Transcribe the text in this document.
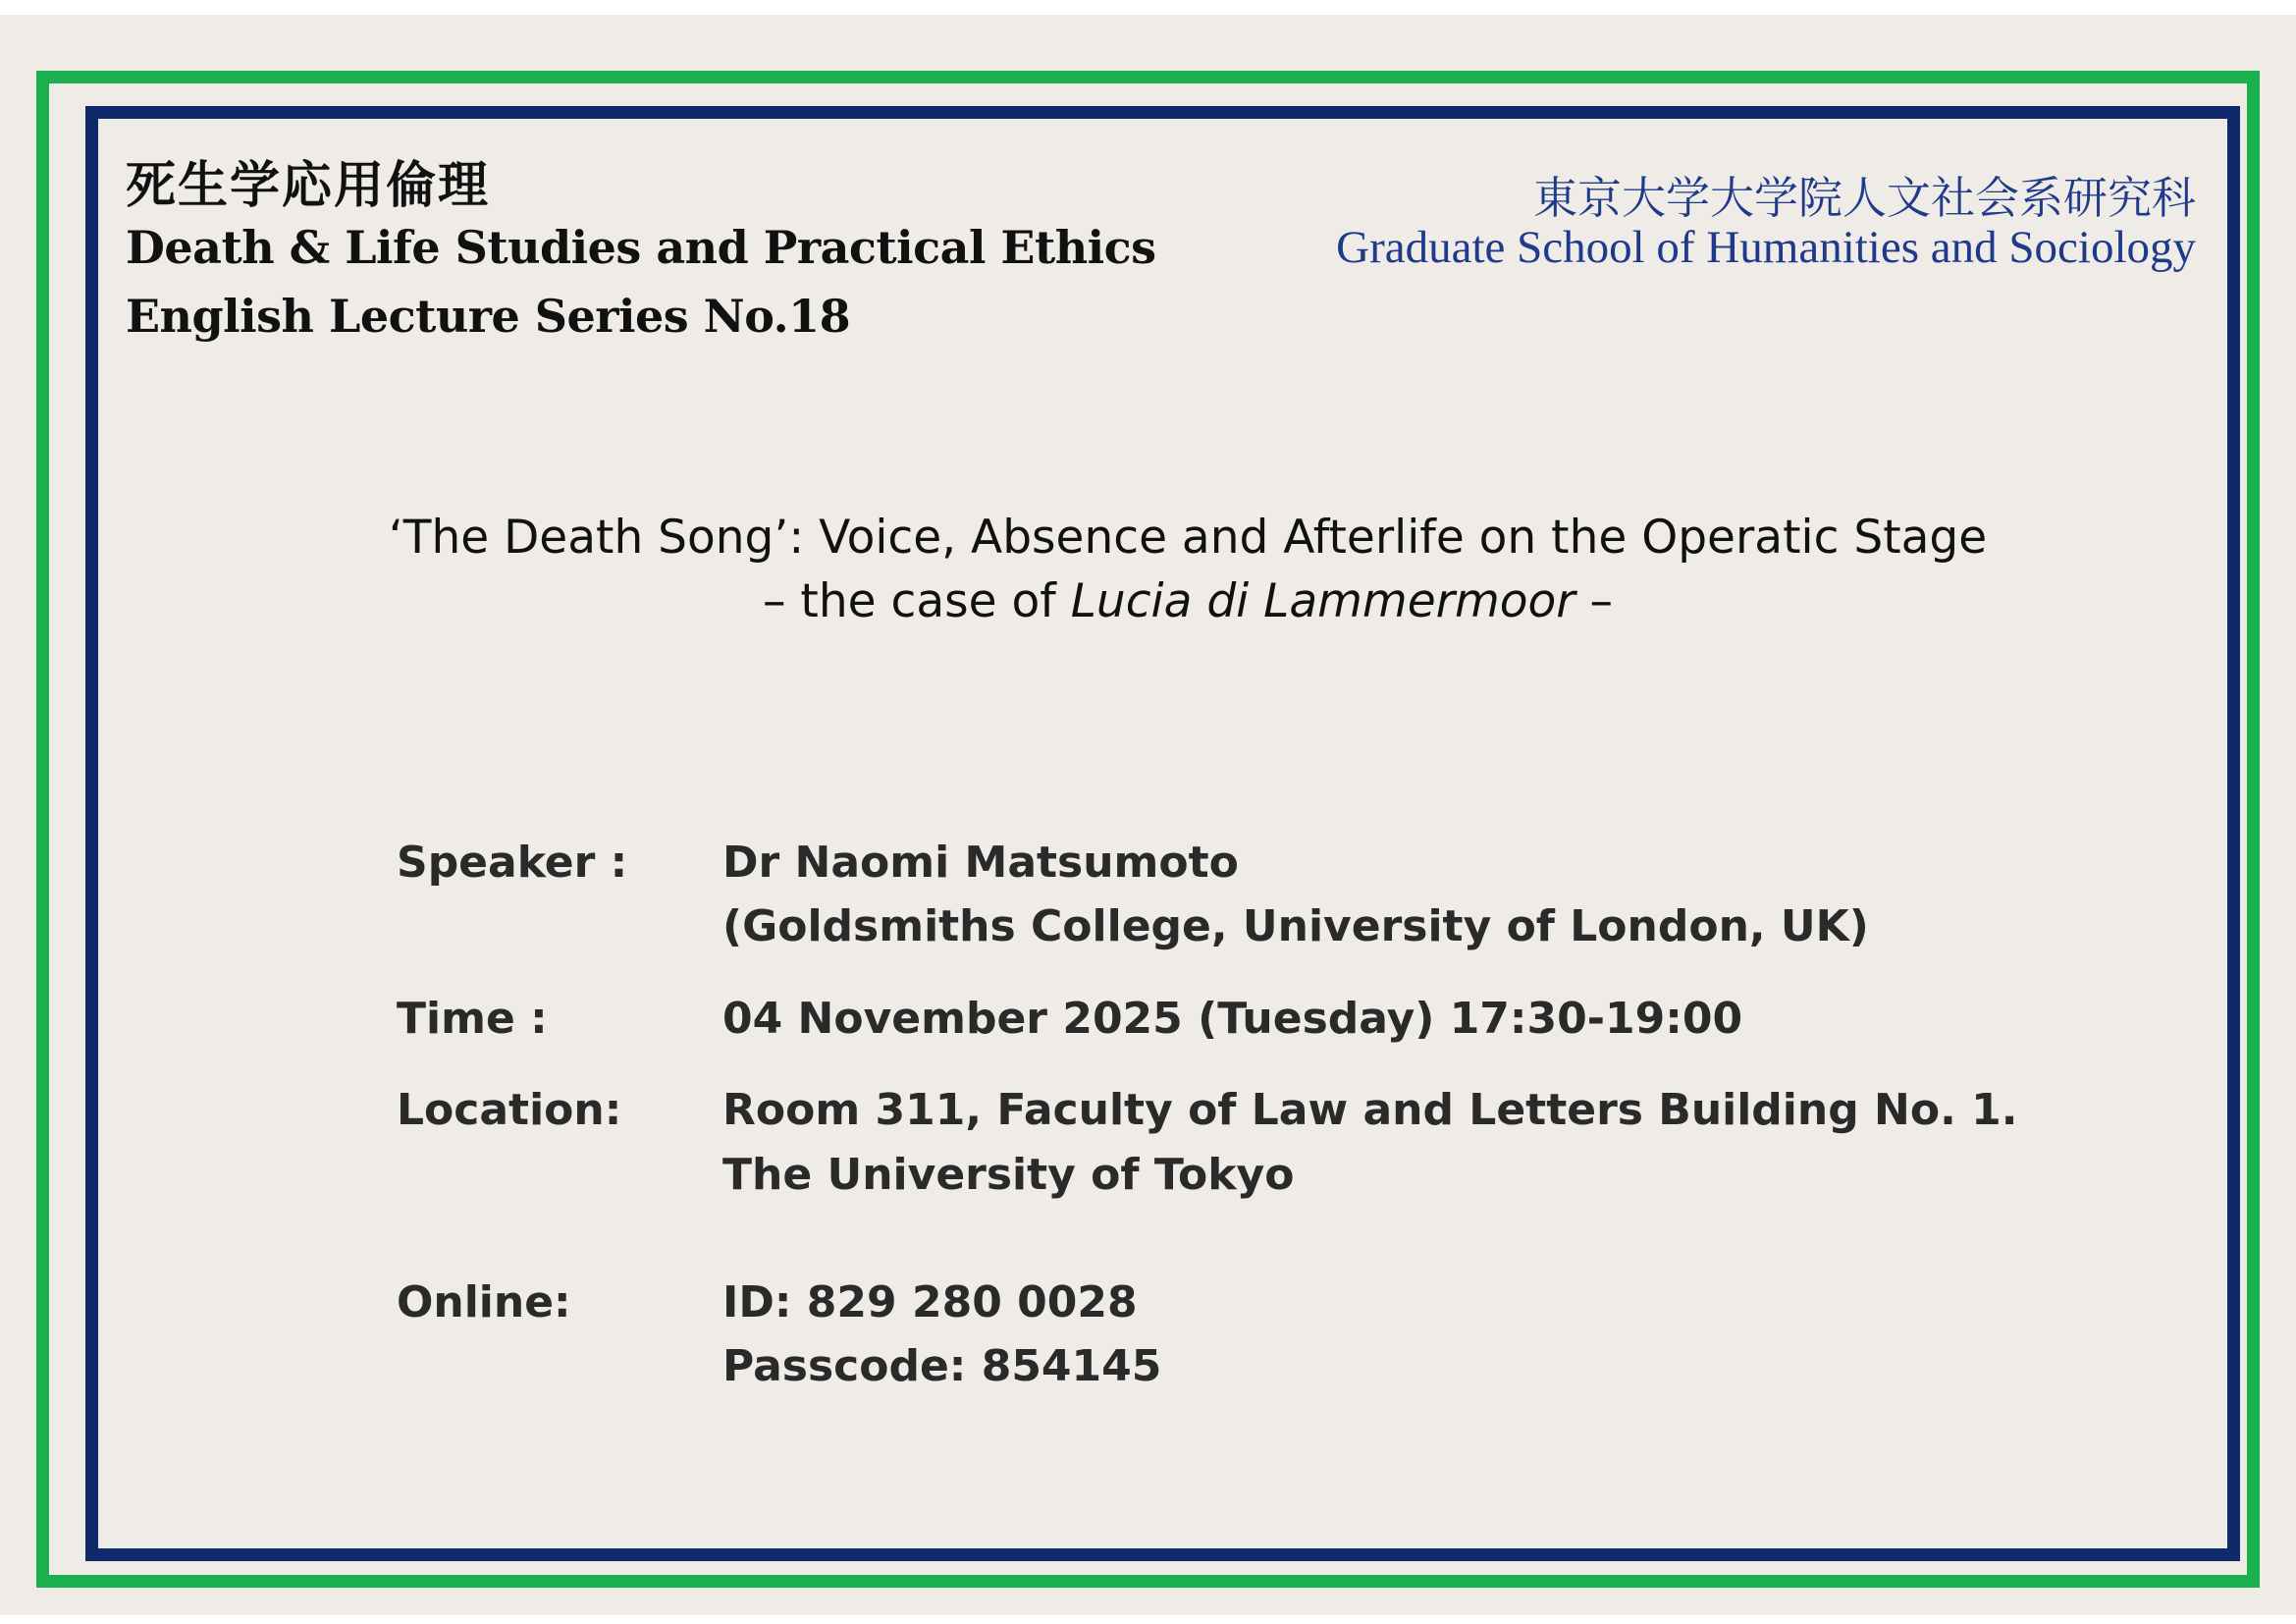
死生学応用倫理
Death & Life Studies and Practical Ethics
English Lecture Series No.18
東京大学大学院人文社会系研究科
Graduate School of Humanities and Sociology
‘The Death Song’: Voice, Absence and Afterlife on the Operatic Stage
– the case of Lucia di Lammermoor –
Speaker : Dr Naomi Matsumoto
(Goldsmiths College, University of London, UK)
Time :	04 November 2025 (Tuesday) 17:30-19:00
Location: Room 311, Faculty of Law and Letters Building No. 1.
The University of Tokyo
Online:	ID: 829 280 0028
Passcode: 854145
